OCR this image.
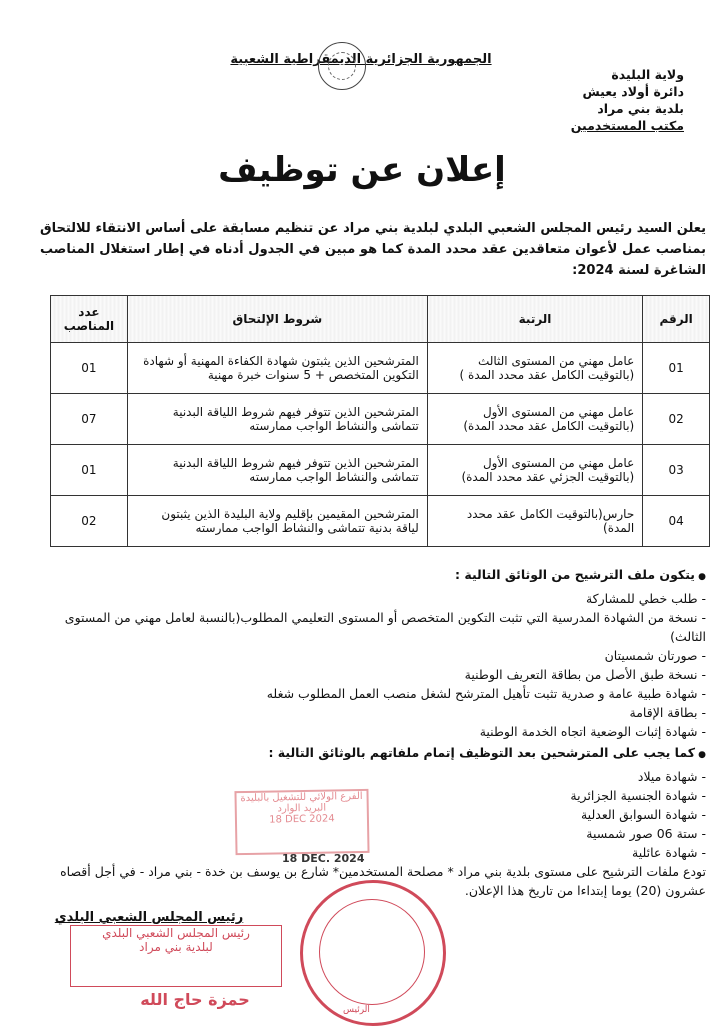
الجمهورية الجزائرية الديمقراطية الشعبية
ولاية البليدة
دائرة أولاد يعيش
بلدية بني مراد
مكتب المستخدمين
إعلان عن توظيف
يعلن السيد رئيس المجلس الشعبي البلدي لبلدية بني مراد عن تنظيم مسابقة على أساس الانتقاء للالتحاق بمناصب عمل لأعوان متعاقدين عقد محدد المدة كما هو مبين في الجدول أدناه في إطار استغلال المناصب الشاغرة لسنة 2024:
الرقم	الرتبة	شروط الإلتحاق	عدد المناصب
01	عامل مهني من المستوى الثالث (بالتوقيت الكامل عقد محدد المدة )	المترشحين الذين يثبتون شهادة الكفاءة المهنية أو شهادة التكوين المتخصص + 5 سنوات خبرة مهنية	01
02	عامل مهني من المستوى الأول (بالتوقيت الكامل عقد محدد المدة)	المترشحين الذين تتوفر فيهم شروط اللياقة البدنية تتماشى والنشاط الواجب ممارسته	07
03	عامل مهني من المستوى الأول (بالتوقيت الجزئي عقد محدد المدة)	المترشحين الذين تتوفر فيهم شروط اللياقة البدنية تتماشى والنشاط الواجب ممارسته	01
04	حارس(بالتوقيت الكامل عقد محدد المدة)	المترشحين المقيمين بإقليم ولاية البليدة الذين يثبتون لياقة بدنية تتماشى والنشاط الواجب ممارسته	02
● يتكون ملف الترشيح من الوثائق التالية :
- طلب خطي للمشاركة
- نسخة من الشهادة المدرسية التي تثبت التكوين المتخصص أو المستوى التعليمي المطلوب(بالنسبة لعامل مهني من المستوى الثالث)
- صورتان شمسيتان
- نسخة طبق الأصل من بطاقة التعريف الوطنية
- شهادة طبية عامة و صدرية تثبت تأهيل المترشح لشغل منصب العمل المطلوب شغله
- بطاقة الإقامة
- شهادة إثبات الوضعية اتجاه الخدمة الوطنية
● كما يجب على المترشحين بعد التوظيف إتمام ملفاتهم بالوثائق التالية :
- شهادة ميلاد
- شهادة الجنسية الجزائرية
- شهادة السوابق العدلية
- ستة 06 صور شمسية
- شهادة عائلية
الفرع الولائي للتشغيل بالبليدة
البريد الوارد
18 DEC 2024
18 DEC. 2024
تودع ملفات الترشيح على مستوى بلدية بني مراد * مصلحة المستخدمين* شارع بن يوسف بن خدة - بني مراد - في أجل أقصاه عشرون (20) يوما إبتداءا من تاريخ هذا الإعلان.
الرئيس
رئيس المجلس الشعبي البلدي
رئيس المجلس الشعبي البلدي
لبلدية بني مراد
حمزة حاج الله
